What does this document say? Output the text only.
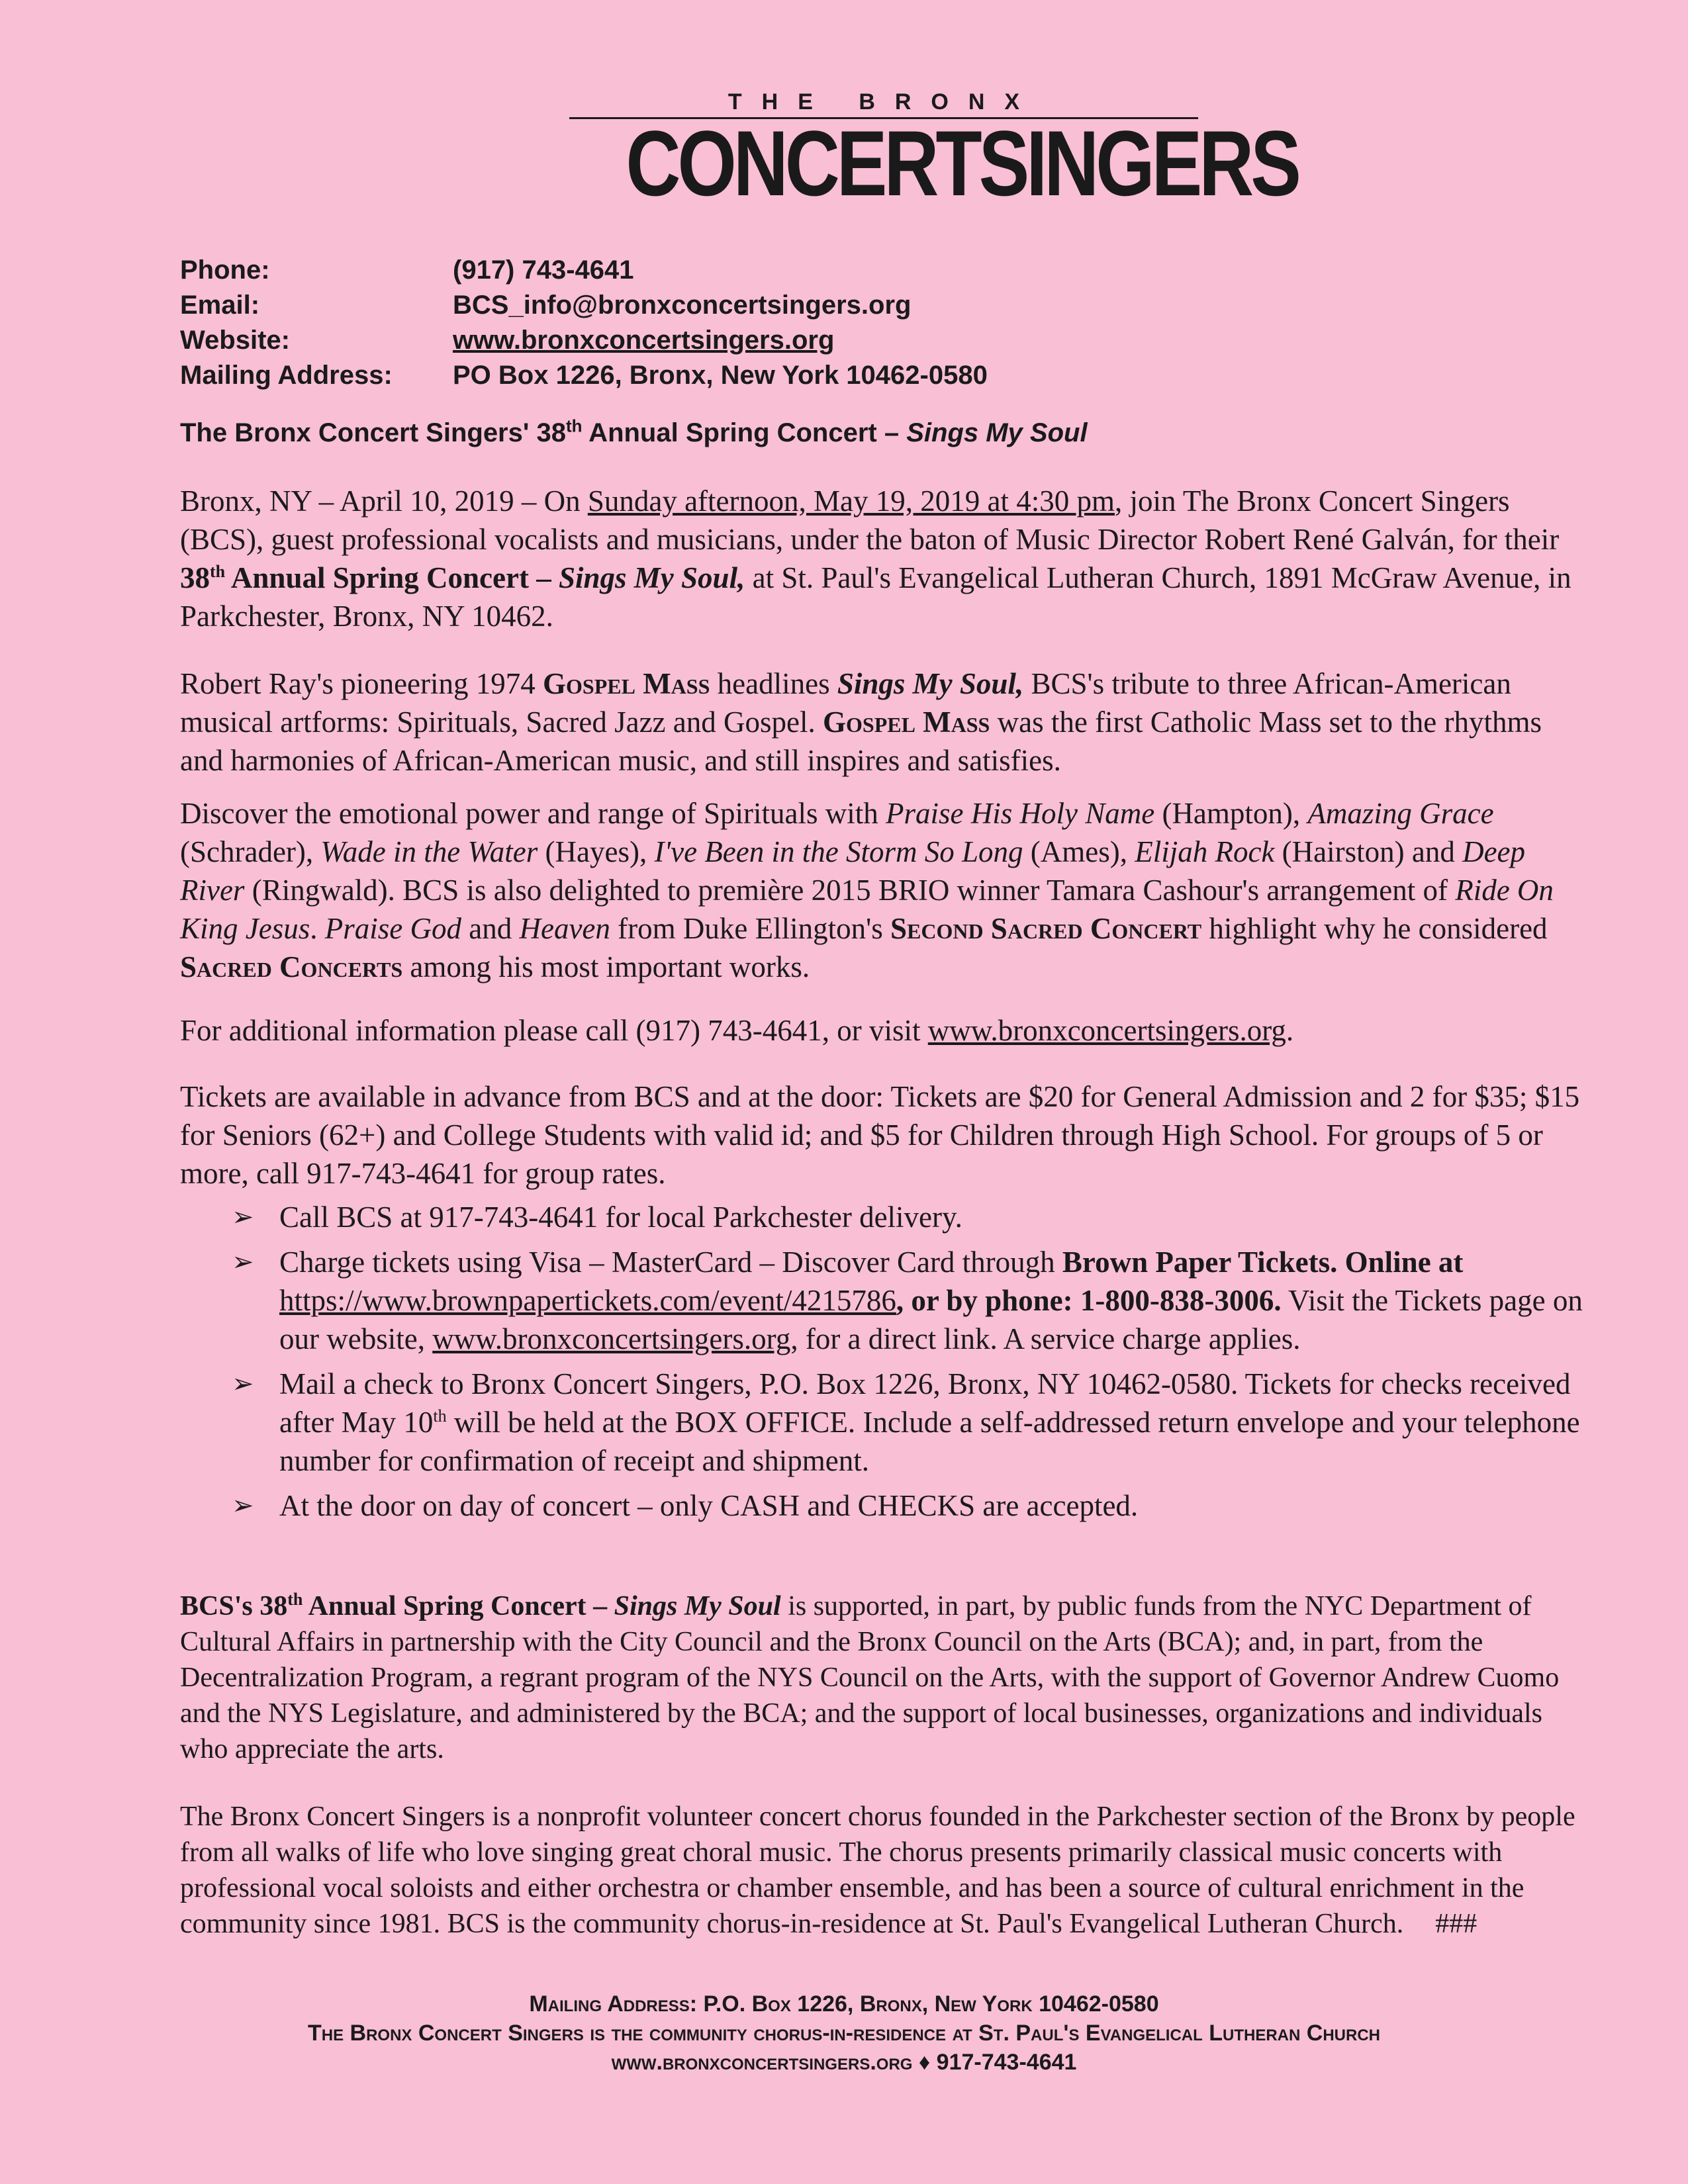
THE BRONX
CONCERTSINGERS
Phone:	(917) 743-4641
Email:	BCS_info@bronxconcertsingers.org
Website:	www.bronxconcertsingers.org
Mailing Address: PO Box 1226, Bronx, New York 10462-0580
The Bronx Concert Singers' 38th Annual Spring Concert – Sings My Soul
Bronx, NY – April 10, 2019 – On Sunday afternoon, May 19, 2019 at 4:30 pm, join The Bronx Concert Singers (BCS), guest professional vocalists and musicians, under the baton of Music Director Robert René Galván, for their 38th Annual Spring Concert – Sings My Soul, at St. Paul's Evangelical Lutheran Church, 1891 McGraw Avenue, in Parkchester, Bronx, NY 10462.
Robert Ray's pioneering 1974 Gospel Mass headlines Sings My Soul, BCS's tribute to three African-American musical artforms: Spirituals, Sacred Jazz and Gospel. Gospel Mass was the first Catholic Mass set to the rhythms and harmonies of African-American music, and still inspires and satisfies.
Discover the emotional power and range of Spirituals with Praise His Holy Name (Hampton), Amazing Grace (Schrader), Wade in the Water (Hayes), I've Been in the Storm So Long (Ames), Elijah Rock (Hairston) and Deep River (Ringwald). BCS is also delighted to première 2015 BRIO winner Tamara Cashour's arrangement of Ride On King Jesus. Praise God and Heaven from Duke Ellington's Second Sacred Concert highlight why he considered Sacred Concerts among his most important works.
For additional information please call (917) 743-4641, or visit www.bronxconcertsingers.org.
Tickets are available in advance from BCS and at the door: Tickets are $20 for General Admission and 2 for $35; $15 for Seniors (62+) and College Students with valid id; and $5 for Children through High School. For groups of 5 or more, call 917-743-4641 for group rates.
➢ Call BCS at 917-743-4641 for local Parkchester delivery.
➢ Charge tickets using Visa – MasterCard – Discover Card through Brown Paper Tickets. Online at https://www.brownpapertickets.com/event/4215786, or by phone: 1-800-838-3006. Visit the Tickets page on our website, www.bronxconcertsingers.org, for a direct link. A service charge applies.
➢ Mail a check to Bronx Concert Singers, P.O. Box 1226, Bronx, NY 10462-0580. Tickets for checks received after May 10th will be held at the BOX OFFICE. Include a self-addressed return envelope and your telephone number for confirmation of receipt and shipment.
➢ At the door on day of concert – only CASH and CHECKS are accepted.
BCS's 38th Annual Spring Concert – Sings My Soul is supported, in part, by public funds from the NYC Department of Cultural Affairs in partnership with the City Council and the Bronx Council on the Arts (BCA); and, in part, from the Decentralization Program, a regrant program of the NYS Council on the Arts, with the support of Governor Andrew Cuomo and the NYS Legislature, and administered by the BCA; and the support of local businesses, organizations and individuals who appreciate the arts.
The Bronx Concert Singers is a nonprofit volunteer concert chorus founded in the Parkchester section of the Bronx by people from all walks of life who love singing great choral music. The chorus presents primarily classical music concerts with professional vocal soloists and either orchestra or chamber ensemble, and has been a source of cultural enrichment in the community since 1981. BCS is the community chorus-in-residence at St. Paul's Evangelical Lutheran Church. ###
Mailing Address: P.O. Box 1226, Bronx, New York 10462-0580
The Bronx Concert Singers is the community chorus-in-residence at St. Paul's Evangelical Lutheran Church
www.bronxconcertsingers.org ♦ 917-743-4641
